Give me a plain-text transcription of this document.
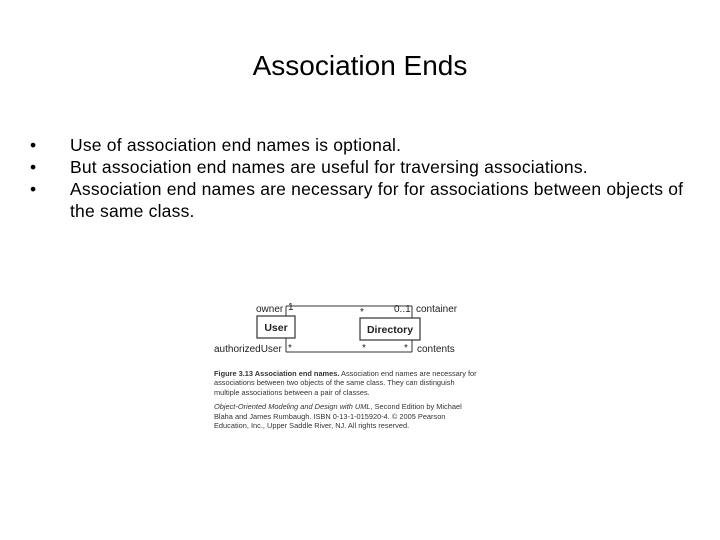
Association Ends
• Use of association end names is optional.
• But association end names are useful for traversing associations.
• Association end names are necessary for for associations between objects of the same class.
User	Directory
owner 1	*	0..1 container
authorizedUser *	*	* contents

Figure 3.13 Association end names. Association end names are necessary for associations between two objects of the same class. They can distinguish multiple associations between a pair of classes.

Object-Oriented Modeling and Design with UML, Second Edition by Michael Blaha and James Rumbaugh. ISBN 0-13-1-015920-4. © 2005 Pearson Education, Inc., Upper Saddle River, NJ. All rights reserved.
